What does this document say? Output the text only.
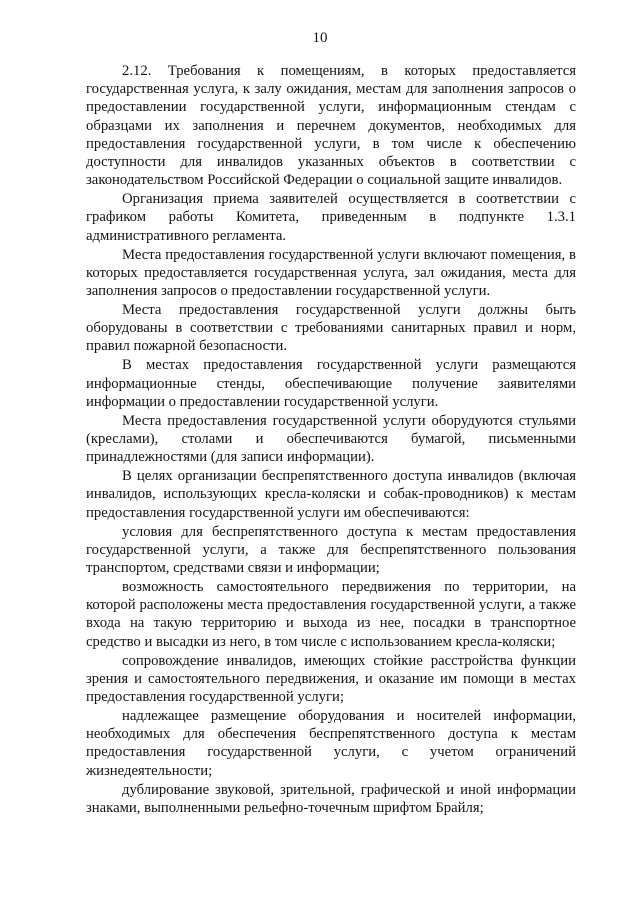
10

2.12. Требования к помещениям, в которых предоставляется государственная услуга, к залу ожидания, местам для заполнения запросов о предоставлении государственной услуги, информационным стендам с образцами их заполнения и перечнем документов, необходимых для предоставления государственной услуги, в том числе к обеспечению доступности для инвалидов указанных объектов в соответствии с законодательством Российской Федерации о социальной защите инвалидов.

Организация приема заявителей осуществляется в соответствии с графиком работы Комитета, приведенным в подпункте 1.3.1 административного регламента.

Места предоставления государственной услуги включают помещения, в которых предоставляется государственная услуга, зал ожидания, места для заполнения запросов о предоставлении государственной услуги.

Места предоставления государственной услуги должны быть оборудованы в соответствии с требованиями санитарных правил и норм, правил пожарной безопасности.

В местах предоставления государственной услуги размещаются информационные стенды, обеспечивающие получение заявителями информации о предоставлении государственной услуги.

Места предоставления государственной услуги оборудуются стульями (креслами), столами и обеспечиваются бумагой, письменными принадлежностями (для записи информации).

В целях организации беспрепятственного доступа инвалидов (включая инвалидов, использующих кресла-коляски и собак-проводников) к местам предоставления государственной услуги им обеспечиваются:

условия для беспрепятственного доступа к местам предоставления государственной услуги, а также для беспрепятственного пользования транспортом, средствами связи и информации;

возможность самостоятельного передвижения по территории, на которой расположены места предоставления государственной услуги, а также входа на такую территорию и выхода из нее, посадки в транспортное средство и высадки из него, в том числе с использованием кресла-коляски;

сопровождение инвалидов, имеющих стойкие расстройства функции зрения и самостоятельного передвижения, и оказание им помощи в местах предоставления государственной услуги;

надлежащее размещение оборудования и носителей информации, необходимых для обеспечения беспрепятственного доступа к местам предоставления государственной услуги, с учетом ограничений жизнедеятельности;

дублирование звуковой, зрительной, графической и иной информации знаками, выполненными рельефно-точечным шрифтом Брайля;
